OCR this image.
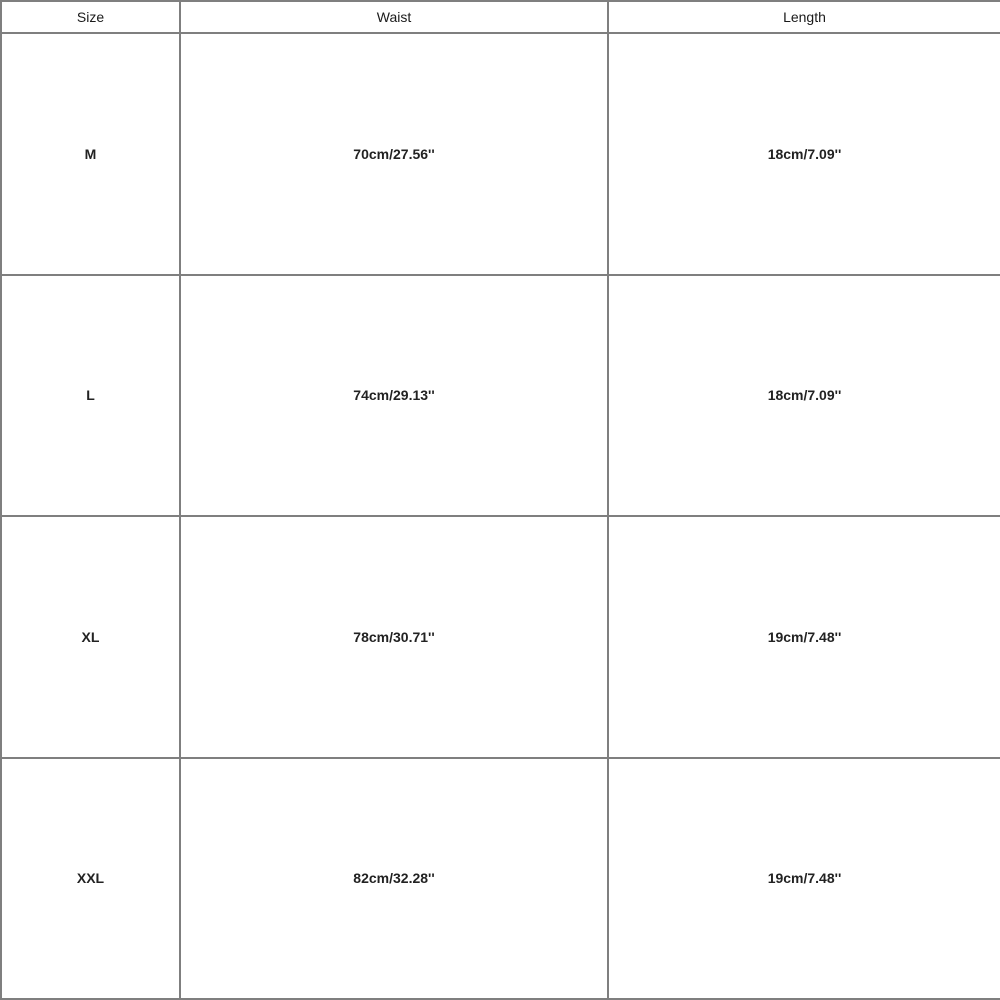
Size	Waist	Length
M	70cm/27.56''	18cm/7.09''
L	74cm/29.13''	18cm/7.09''
XL	78cm/30.71''	19cm/7.48''
XXL	82cm/32.28''	19cm/7.48''
